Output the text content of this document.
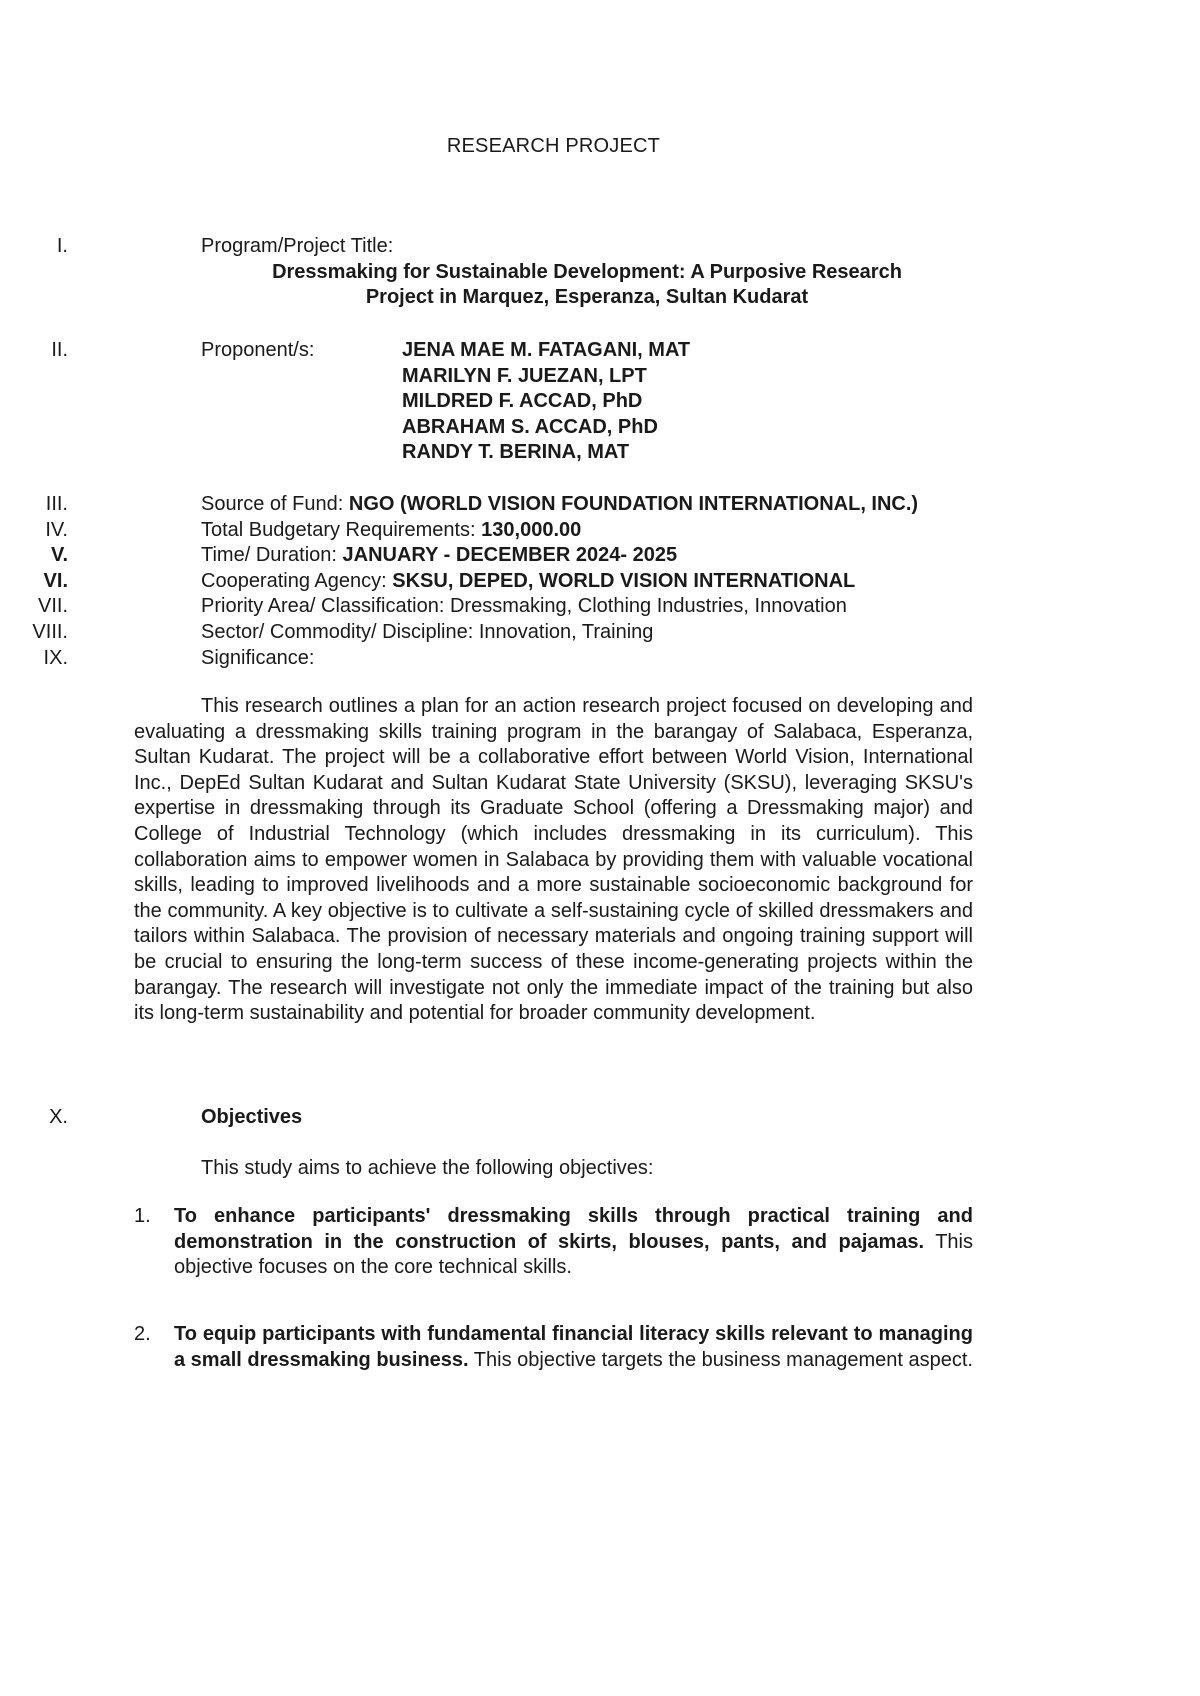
RESEARCH PROJECT
I.	Program/Project Title:
Dressmaking for Sustainable Development: A Purposive Research
Project in Marquez, Esperanza, Sultan Kudarat
II.	Proponent/s:	JENA MAE M. FATAGANI, MAT
MARILYN F. JUEZAN, LPT
MILDRED F. ACCAD, PhD
ABRAHAM S. ACCAD, PhD
RANDY T. BERINA, MAT
III.	Source of Fund: NGO (WORLD VISION FOUNDATION INTERNATIONAL, INC.)
IV.	Total Budgetary Requirements: 130,000.00
V.	Time/ Duration: JANUARY - DECEMBER 2024- 2025
VI.	Cooperating Agency: SKSU, DEPED, WORLD VISION INTERNATIONAL
VII.	Priority Area/ Classification: Dressmaking, Clothing Industries, Innovation
VIII.	Sector/ Commodity/ Discipline: Innovation, Training
IX.	Significance:
This research outlines a plan for an action research project focused on developing and evaluating a dressmaking skills training program in the barangay of Salabaca, Esperanza, Sultan Kudarat. The project will be a collaborative effort between World Vision, International Inc., DepEd Sultan Kudarat and Sultan Kudarat State University (SKSU), leveraging SKSU's expertise in dressmaking through its Graduate School (offering a Dressmaking major) and College of Industrial Technology (which includes dressmaking in its curriculum). This collaboration aims to empower women in Salabaca by providing them with valuable vocational skills, leading to improved livelihoods and a more sustainable socioeconomic background for the community. A key objective is to cultivate a self-sustaining cycle of skilled dressmakers and tailors within Salabaca. The provision of necessary materials and ongoing training support will be crucial to ensuring the long-term success of these income-generating projects within the barangay. The research will investigate not only the immediate impact of the training but also its long-term sustainability and potential for broader community development.
X.	Objectives
This study aims to achieve the following objectives:
1. To enhance participants' dressmaking skills through practical training and demonstration in the construction of skirts, blouses, pants, and pajamas. This objective focuses on the core technical skills.
2. To equip participants with fundamental financial literacy skills relevant to managing a small dressmaking business. This objective targets the business management aspect.
